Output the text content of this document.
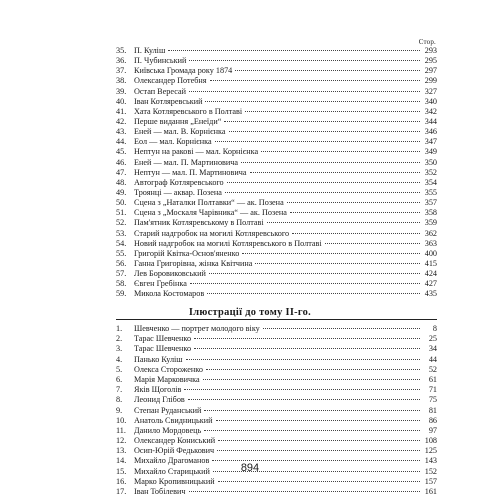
Стор.
35. П. Куліш	293
36. П. Чубинський	295
37. Київська Громада року 1874	297
38. Олександер Потебня	299
39. Остап Вересай	327
40. Іван Котляревський	340
41. Хата Котляревського в Полтаві	342
42. Перше видання „Енеїди“	344
43. Еней — мал. В. Корнієнка	346
44. Еол — мал. Корнієнка	347
45. Нептун на ракові — мал. Корнієнка	349
46. Еней — мал. П. Мартиновича	350
47. Нептун — мал. П. Мартиновича	352
48. Автограф Котляревського	354
49. Троянці — аквар. Позена	355
50. Сцена з „Наталки Полтавки“ — ак. Позена	357
51. Сцена з „Москаля Чарівника“ — ак. Позена	358
52. Пам'ятник Котляревському в Полтаві	359
53. Старий надгробок на могилі Котляревського	362
54. Новий надгробок на могилі Котляревського в Полтаві	363
55. Григорій Квітка-Основ'яненко	400
56. Ганна Григорівна, жінка Квітчина	415
57. Лев Боровиковський	424
58. Євген Гребінка	427
59. Микола Костомаров	435
Ілюстрації до тому ІІ-го.
1.	Шевченко — портрет молодого віку	8
2.	Тарас Шевченко	25
3.	Тарас Шевченко	34
4.	Панько Куліш	44
5.	Олекса Стороженко	52
6.	Марія Марковичка	61
7.	Яків Щоголів	71
8.	Леонид Глібов	75
9.	Степан Руданський	81
10. Анатоль Свидницький	86
11. Данило Мордовець	97
12. Олександер Кониський	108
13. Осип-Юрій Федькович	125
14. Михайло Драгоманов	143
15. Михайло Старицький	152
16. Марко Кропивницький	157
17. Іван Тобілевич	161
894
